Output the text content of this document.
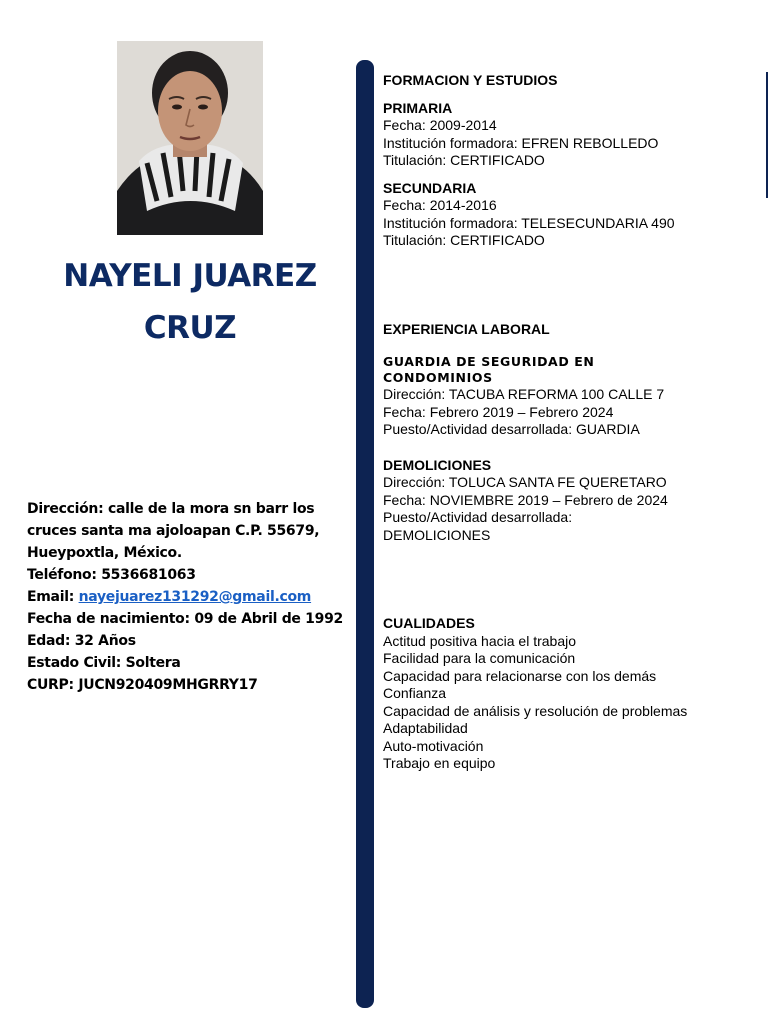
NAYELI JUAREZ
CRUZ
Dirección: calle de la mora sn barr los cruces santa ma ajoloapan C.P. 55679, Hueypoxtla, México.
Teléfono: 5536681063
Email: nayejuarez131292@gmail.com
Fecha de nacimiento: 09 de Abril de 1992
Edad: 32 Años
Estado Civil: Soltera
CURP: JUCN920409MHGRRY17
FORMACION Y ESTUDIOS
PRIMARIA
Fecha: 2009-2014
Institución formadora: EFREN REBOLLEDO
Titulación: CERTIFICADO
SECUNDARIA
Fecha: 2014-2016
Institución formadora: TELESECUNDARIA 490
Titulación: CERTIFICADO
EXPERIENCIA LABORAL
GUARDIA DE SEGURIDAD EN
CONDOMINIOS
Dirección: TACUBA REFORMA 100 CALLE 7
Fecha: Febrero 2019 – Febrero 2024
Puesto/Actividad desarrollada: GUARDIA
DEMOLICIONES
Dirección: TOLUCA SANTA FE QUERETARO
Fecha: NOVIEMBRE 2019 – Febrero de 2024
Puesto/Actividad desarrollada:
DEMOLICIONES
CUALIDADES
Actitud positiva hacia el trabajo
Facilidad para la comunicación
Capacidad para relacionarse con los demás
Confianza
Capacidad de análisis y resolución de problemas
Adaptabilidad
Auto-motivación
Trabajo en equipo
